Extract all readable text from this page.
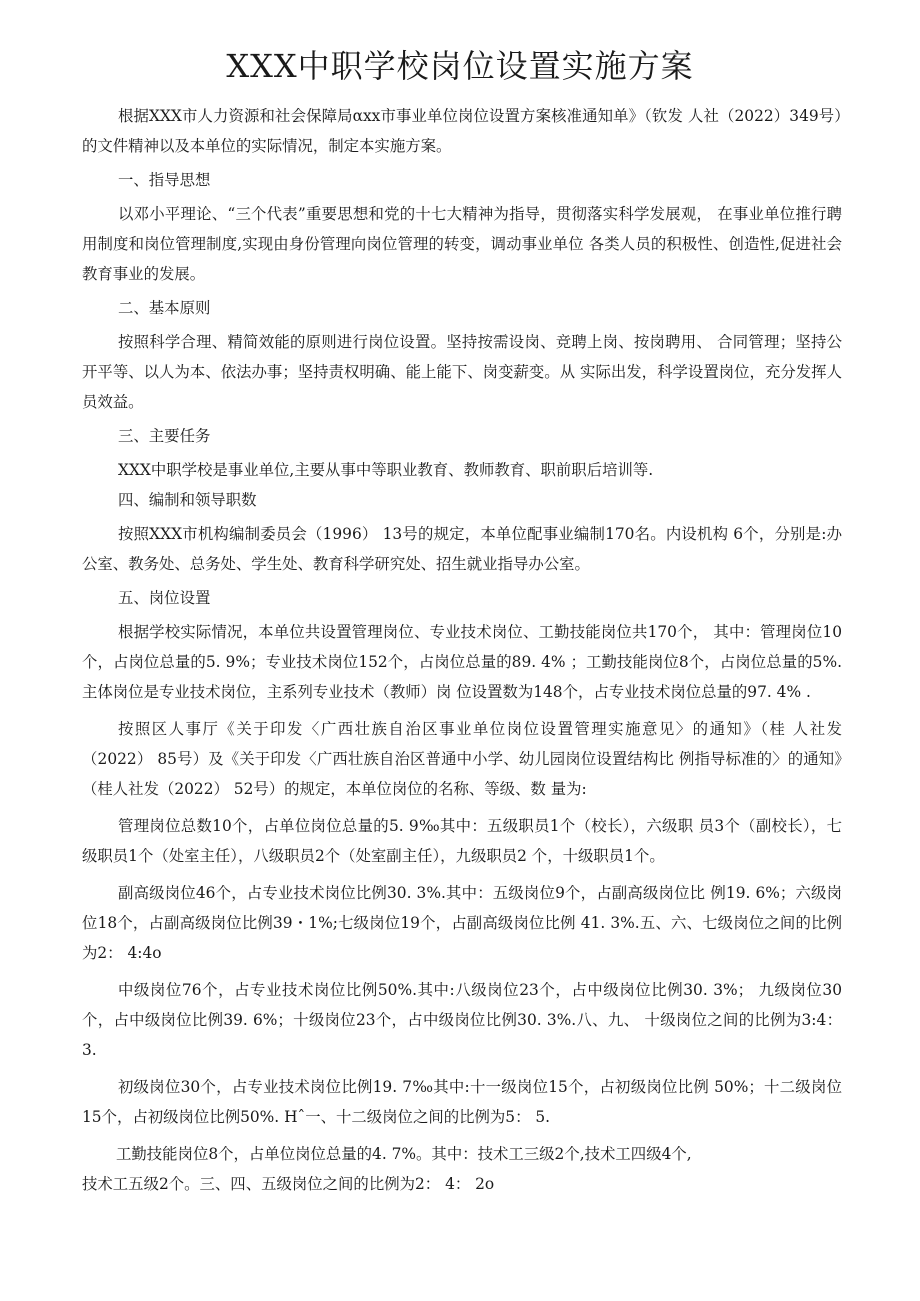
XXX中职学校岗位设置实施方案

根据XXX市人力资源和社会保障局αxx市事业单位岗位设置方案核准通知单》（钦发 人社（2022）349号）的文件精神以及本单位的实际情况，制定本实施方案。

一、指导思想

以邓小平理论、“三个代表”重要思想和党的十七大精神为指导，贯彻落实科学发展观， 在事业单位推行聘用制度和岗位管理制度,实现由身份管理向岗位管理的转变，调动事业单位 各类人员的积极性、创造性,促进社会教育事业的发展。

二、基本原则

按照科学合理、精简效能的原则进行岗位设置。坚持按需设岗、竞聘上岗、按岗聘用、 合同管理；坚持公开平等、以人为本、依法办事；坚持责权明确、能上能下、岗变薪变。从 实际出发，科学设置岗位，充分发挥人员效益。

三、主要任务

XXX中职学校是事业单位,主要从事中等职业教育、教师教育、职前职后培训等.

四、编制和领导职数

按照XXX市机构编制委员会（1996） 13号的规定，本单位配事业编制170名。内设机构 6个，分别是:办公室、教务处、总务处、学生处、教育科学研究处、招生就业指导办公室。

五、岗位设置

根据学校实际情况，本单位共设置管理岗位、专业技术岗位、工勤技能岗位共170个， 其中：管理岗位10个，占岗位总量的5. 9%；专业技术岗位152个，占岗位总量的89. 4% ；工勤技能岗位8个，占岗位总量的5%.主体岗位是专业技术岗位，主系列专业技术（教师）岗 位设置数为148个，占专业技术岗位总量的97. 4% .

按照区人事厅《关于印发〈广西壮族自治区事业单位岗位设置管理实施意见〉的通知》（桂 人社发（2022） 85号）及《关于印发〈广西壮族自治区普通中小学、幼儿园岗位设置结构比 例指导标准的〉的通知》（桂人社发（2022） 52号）的规定，本单位岗位的名称、等级、数 量为:

管理岗位总数10个，占单位岗位总量的5. 9‰其中：五级职员1个（校长），六级职 员3个（副校长），七级职员1个（处室主任），八级职员2个（处室副主任），九级职员2 个，十级职员1个。

副高级岗位46个，占专业技术岗位比例30. 3%.其中：五级岗位9个，占副高级岗位比 例19. 6%；六级岗位18个，占副高级岗位比例39・1%;七级岗位19个，占副高级岗位比例 41. 3%.五、六、七级岗位之间的比例为2： 4:4o

中级岗位76个，占专业技术岗位比例50%.其中:八级岗位23个，占中级岗位比例30. 3%； 九级岗位30个，占中级岗位比例39. 6%；十级岗位23个，占中级岗位比例30. 3%.八、九、 十级岗位之间的比例为3:4： 3.

初级岗位30个，占专业技术岗位比例19. 7‰其中:十一级岗位15个，占初级岗位比例 50%；十二级岗位15个，占初级岗位比例50%. Hˆ一、十二级岗位之间的比例为5： 5.

工勤技能岗位8个，占单位岗位总量的4. 7%。其中：技术工三级2个,技术工四级4个,

技术工五级2个。三、四、五级岗位之间的比例为2： 4： 2o
